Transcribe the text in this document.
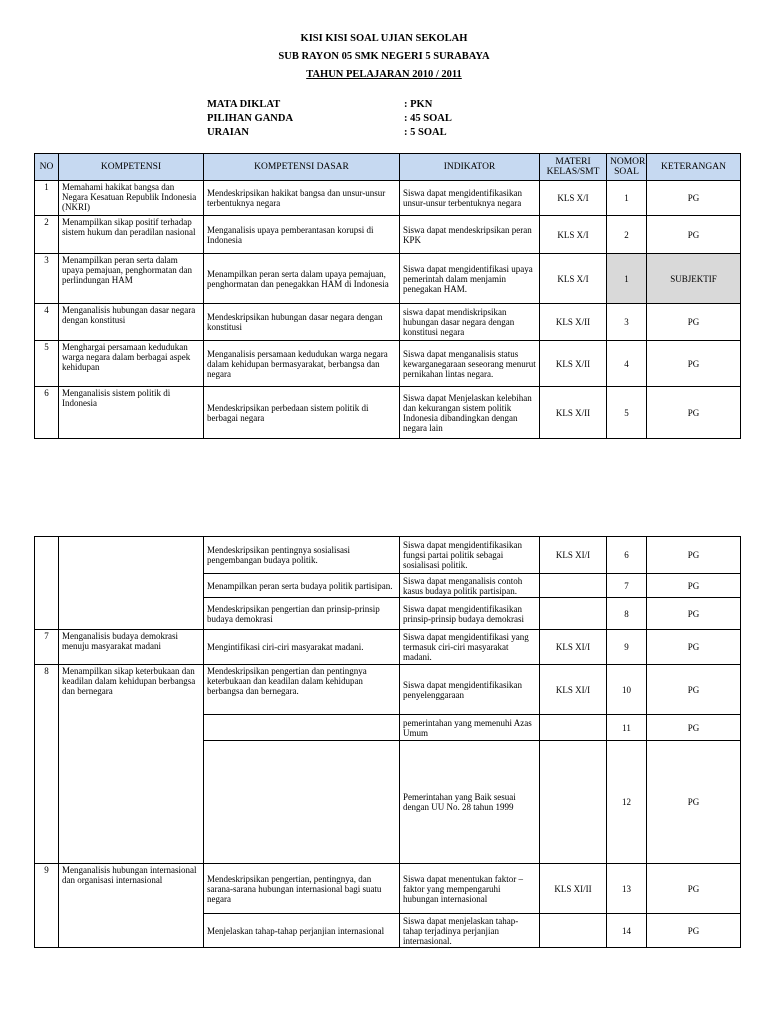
KISI KISI SOAL UJIAN SEKOLAH
SUB RAYON 05 SMK NEGERI 5 SURABAYA
TAHUN PELAJARAN 2010 / 2011
MATA DIKLAT	: PKN
PILIHAN GANDA	: 45 SOAL
URAIAN	: 5 SOAL
NO	KOMPETENSI	KOMPETENSI DASAR	INDIKATOR	MATERI KELAS/SMT	NOMOR SOAL	KETERANGAN
1	Memahami hakikat bangsa dan Negara Kesatuan Republik Indonesia (NKRI)	Mendeskripsikan hakikat bangsa dan unsur-unsur terbentuknya negara	Siswa dapat mengidentifikasikan unsur-unsur terbentuknya negara	KLS X/I	1	PG
2	Menampilkan sikap positif terhadap sistem hukum dan peradilan nasional	Menganalisis upaya pemberantasan korupsi di Indonesia	Siswa dapat mendeskripsikan peran KPK	KLS X/I	2	PG
3	Menampilkan peran serta dalam upaya pemajuan, penghormatan dan perlindungan HAM	Menampilkan peran serta dalam upaya pemajuan, penghormatan dan penegakkan HAM di Indonesia	Siswa dapat mengidentifikasi upaya pemerintah dalam menjamin penegakan HAM.	KLS X/I	1	SUBJEKTIF
4	Menganalisis hubungan dasar negara dengan konstitusi	Mendeskripsikan hubungan dasar negara dengan konstitusi	siswa dapat mendiskripsikan hubungan dasar negara dengan konstitusi negara	KLS X/II	3	PG
5	Menghargai persamaan kedudukan warga negara dalam berbagai aspek kehidupan	Menganalisis persamaan kedudukan warga negara dalam kehidupan bermasyarakat, berbangsa dan negara	Siswa dapat menganalisis status kewarganegaraan seseorang menurut pernikahan lintas negara.	KLS X/II	4	PG
6	Menganalisis sistem politik di Indonesia	Mendeskripsikan perbedaan sistem politik di berbagai negara	Siswa dapat Menjelaskan kelebihan dan kekurangan sistem politik Indonesia dibandingkan dengan negara lain	KLS X/II	5	PG
		Mendeskripsikan pentingnya sosialisasi pengembangan budaya politik.	Siswa dapat mengidentifikasikan fungsi partai politik sebagai sosialisasi politik.	KLS XI/I	6	PG
		Menampilkan peran serta budaya politik partisipan.	Siswa dapat menganalisis contoh kasus budaya politik partisipan.		7	PG
		Mendeskripsikan pengertian dan prinsip-prinsip budaya demokrasi	Siswa dapat mengidentifikasikan prinsip-prinsip budaya demokrasi		8	PG
7	Menganalisis budaya demokrasi menuju masyarakat madani	Mengintifikasi ciri-ciri masyarakat madani.	Siswa dapat mengidentifikasi yang termasuk ciri-ciri masyarakat madani.	KLS XI/I	9	PG
8	Menampilkan sikap keterbukaan dan keadilan dalam kehidupan berbangsa dan bernegara	Mendeskripsikan pengertian dan pentingnya keterbukaan dan keadilan dalam kehidupan berbangsa dan bernegara.	Siswa dapat mengidentifikasikan penyelenggaraan	KLS XI/I	10	PG
			pemerintahan yang memenuhi Azas Umum		11	PG
			Pemerintahan yang Baik sesuai dengan UU No. 28 tahun 1999		12	PG
9	Menganalisis hubungan internasional dan organisasi internasional	Mendeskripsikan pengertian, pentingnya, dan sarana-sarana hubungan internasional bagi suatu negara	Siswa dapat menentukan faktor – faktor yang mempengaruhi hubungan internasional	KLS XI/II	13	PG
		Menjelaskan tahap-tahap perjanjian internasional	Siswa dapat menjelaskan tahap-tahap terjadinya perjanjian internasional.		14	PG
